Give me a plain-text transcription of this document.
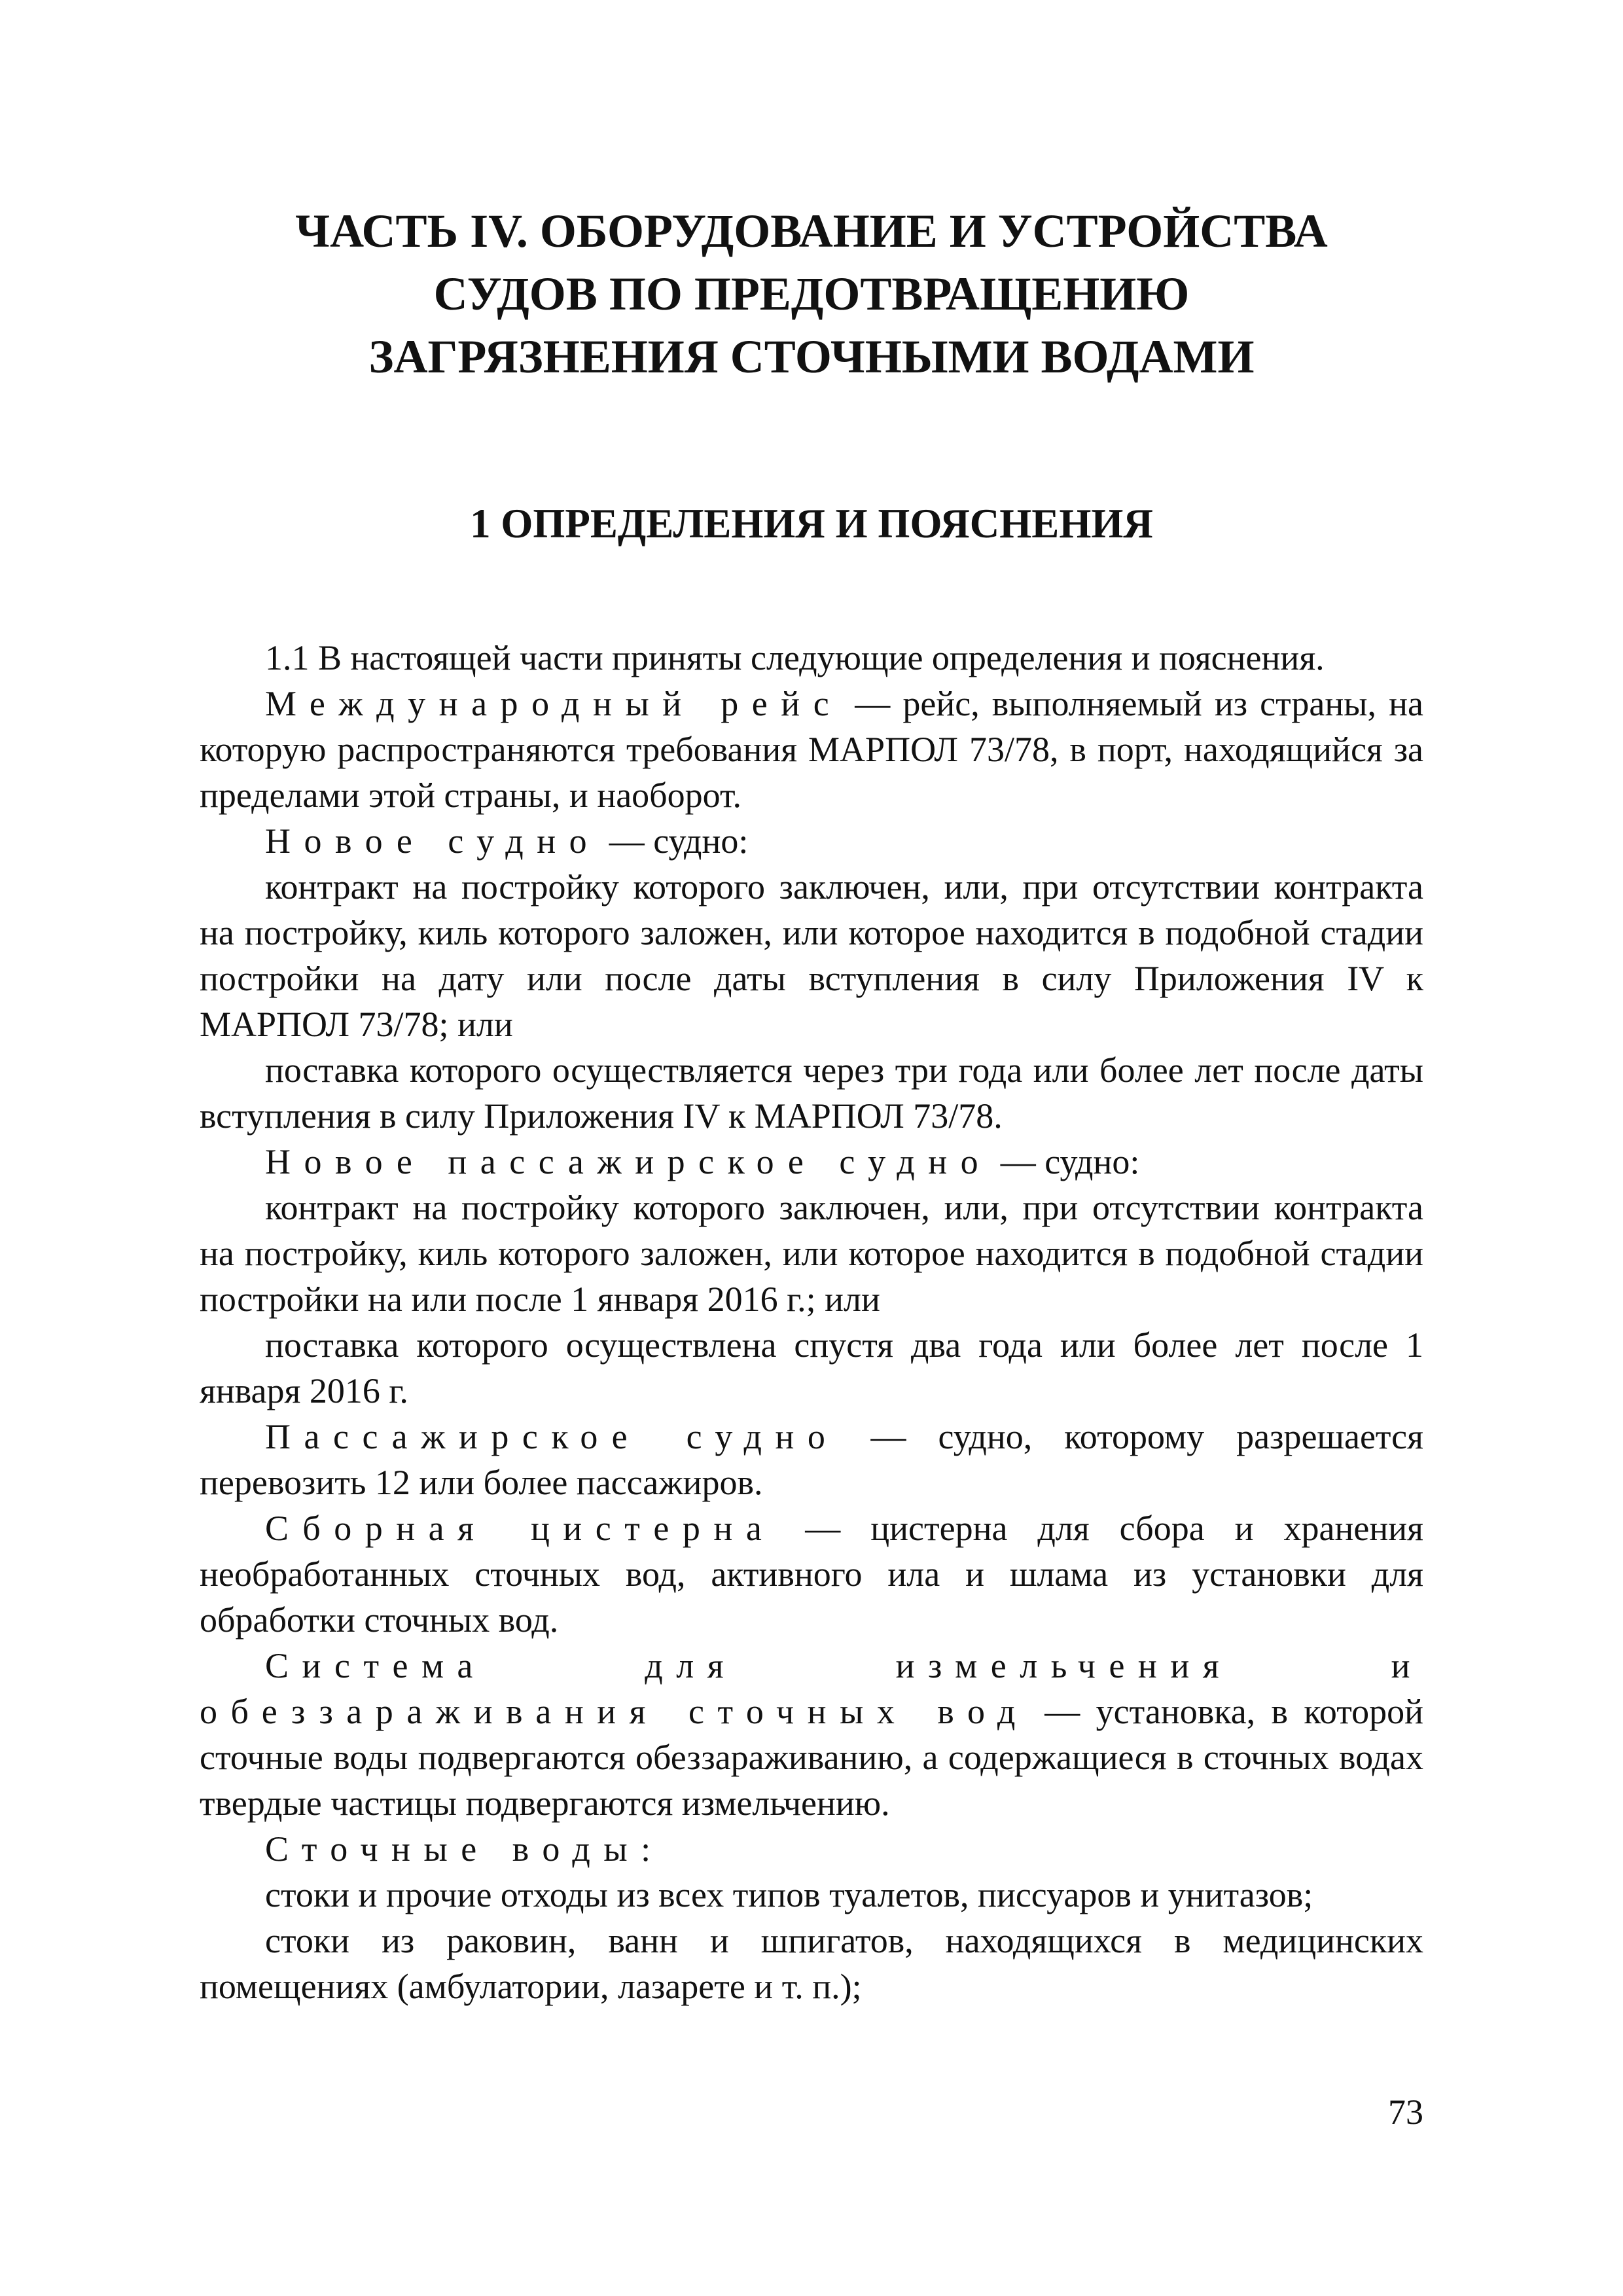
ЧАСТЬ IV. ОБОРУДОВАНИЕ И УСТРОЙСТВА
СУДОВ ПО ПРЕДОТВРАЩЕНИЮ
ЗАГРЯЗНЕНИЯ СТОЧНЫМИ ВОДАМИ
1 ОПРЕДЕЛЕНИЯ И ПОЯСНЕНИЯ

1.1 В настоящей части приняты следующие определения и пояснения.

Международный рейс — рейс, выполняемый из страны, на которую распространяются требования МАРПОЛ 73/78, в порт, находящийся за пределами этой страны, и наоборот.

Новое судно — судно:

контракт на постройку которого заключен, или, при отсутствии контракта на постройку, киль которого заложен, или которое находится в подобной стадии постройки на дату или после даты вступления в силу Приложения IV к МАРПОЛ 73/78; или

поставка которого осуществляется через три года или более лет после даты вступления в силу Приложения IV к МАРПОЛ 73/78.

Новое пассажирское судно — судно:

контракт на постройку которого заключен, или, при отсутствии контракта на постройку, киль которого заложен, или которое находится в подобной стадии постройки на или после 1 января 2016 г.; или

поставка которого осуществлена спустя два года или более лет после 1 января 2016 г.

Пассажирское судно — судно, которому разрешается перевозить 12 или более пассажиров.

Сборная цистерна — цистерна для сбора и хранения необработанных сточных вод, активного ила и шлама из установки для обработки сточных вод.

Система для измельчения и обеззараживания сточных вод — установка, в которой сточные воды подвергаются обеззараживанию, а содержащиеся в сточных водах твердые частицы подвергаются измельчению.

Сточные воды:

стоки и прочие отходы из всех типов туалетов, писсуаров и унитазов;

стоки из раковин, ванн и шпигатов, находящихся в медицинских помещениях (амбулатории, лазарете и т. п.);

73
